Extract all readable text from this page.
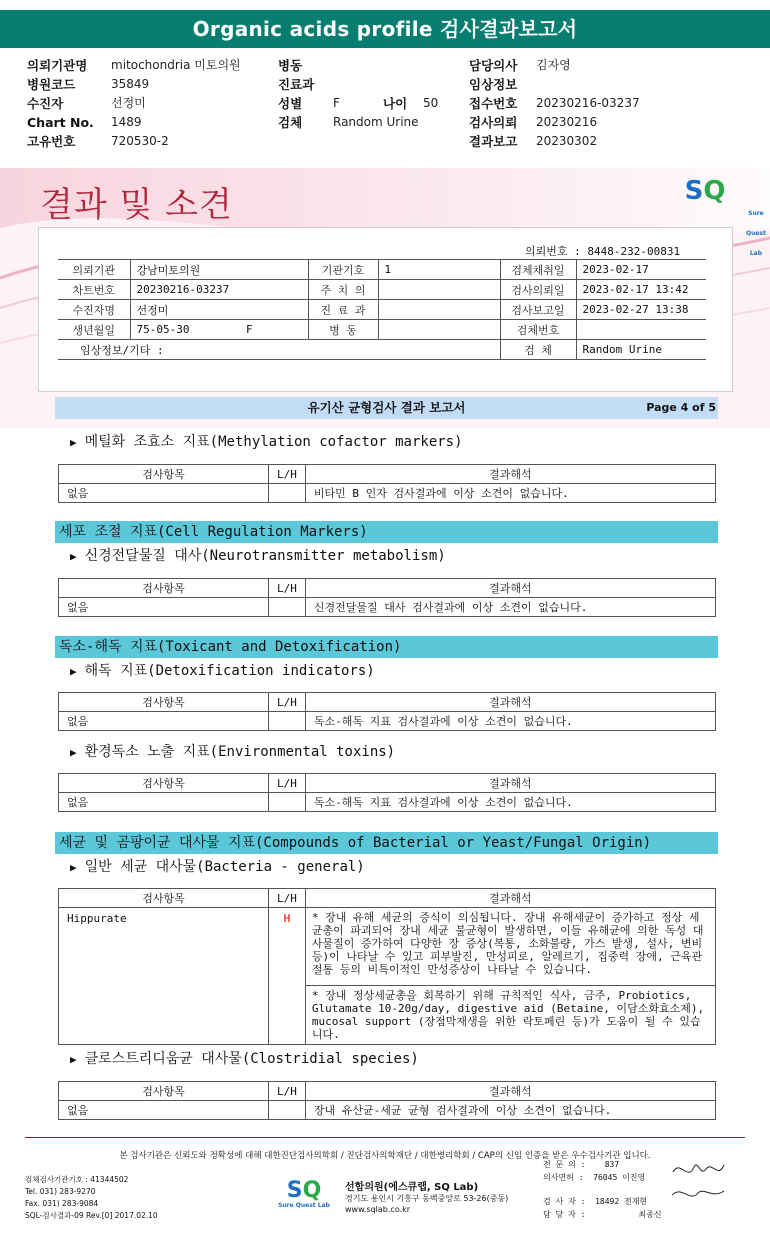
Organic acids profile 검사결과보고서
의뢰기관명	mitochondria 미토의원
병원코드	35849
수진자	선정미
Chart No.	1489
고유번호	720530-2
병동
진료과
성별	F	나이	50
검체	Random Urine
담당의사	김자영
임상정보
접수번호	20230216-03237
검사의뢰	20230216
결과보고	20230302
결과 및 소견	SQ
Sure Quest Lab
의뢰번호 : 8448-232-00831
의뢰기관	강남미토의원		기관기호	1	검체채취일	2023-02-17
차트번호	20230216-03237		주 치 의		검사의뢰일	2023-02-17 13:42
수진자명	선정미		진 료 과		검사보고일	2023-02-27 13:38
생년월일	75-05-30	F	병 동		검체번호	
임상정보/기타 :					검 체	Random Urine
유기산 균형검사 결과 보고서	Page 4 of 5
▶ 메틸화 조효소 지표(Methylation cofactor markers)
검사항목	L/H	결과해석
없음		비타민 B 인자 검사결과에 이상 소견이 없습니다.
세포 조절 지표(Cell Regulation Markers)
▶ 신경전달물질 대사(Neurotransmitter metabolism)
검사항목	L/H	결과해석
없음		신경전달물질 대사 검사결과에 이상 소견이 없습니다.
독소-해독 지표(Toxicant and Detoxification)
▶ 해독 지표(Detoxification indicators)
검사항목	L/H	결과해석
없음		독소-해독 지표 검사결과에 이상 소견이 없습니다.
▶ 환경독소 노출 지표(Environmental toxins)
검사항목	L/H	결과해석
없음		독소-해독 지표 검사결과에 이상 소견이 없습니다.
세균 및 곰팡이균 대사물 지표(Compounds of Bacterial or Yeast/Fungal Origin)
▶ 일반 세균 대사물(Bacteria - general)
검사항목	L/H	결과해석
Hippurate	H	* 장내 유해 세균의 증식이 의심됩니다. 장내 유해세균이 증가하고 정상 세균총이 파괴되어 장내 세균 불균형이 발생하면, 이들 유해균에 의한 독성 대사물질이 증가하여 다양한 장 증상(복통, 소화불량, 가스 발생, 설사, 변비 등)이 나타날 수 있고 피부발진, 만성피로, 알레르기, 집중력 장애, 근육관절통 등의 비특이적인 만성증상이 나타날 수 있습니다.
		* 장내 정상세균총을 회복하기 위해 규칙적인 식사, 금주, Probiotics, Glutamate 10-20g/day, digestive aid (Betaine, 이담소화효소제), mucosal support (장점막재생을 위한 락토페린 등)가 도움이 될 수 있습니다.
▶ 클로스트리디움균 대사물(Clostridial species)
검사항목	L/H	결과해석
없음		장내 유산균-세균 균형 검사결과에 이상 소견이 없습니다.
본 검사기관은 신뢰도와 정확성에 대해 대한진단검사의학회 / 진단검사의학재단 / 대한병리학회 / CAP의 신임 인증을 받은 우수검사기관 입니다.
검체검사기관기호 : 41344502
Tel. 031) 283-9270
Fax. 031) 283-9084
SQL-검사결과-09 Rev.[0] 2017.02.10
SQ
Sure Quest Lab
선함의원(에스큐랩, SQ Lab)
경기도 용인시 기흥구 동백중앙로 53-26(중동)
www.sqlab.co.kr
전 문 의 :    837
의사면허 :  76045 이진영
검 사 자 :  18492 전재현
담 당 자 :           최종신
